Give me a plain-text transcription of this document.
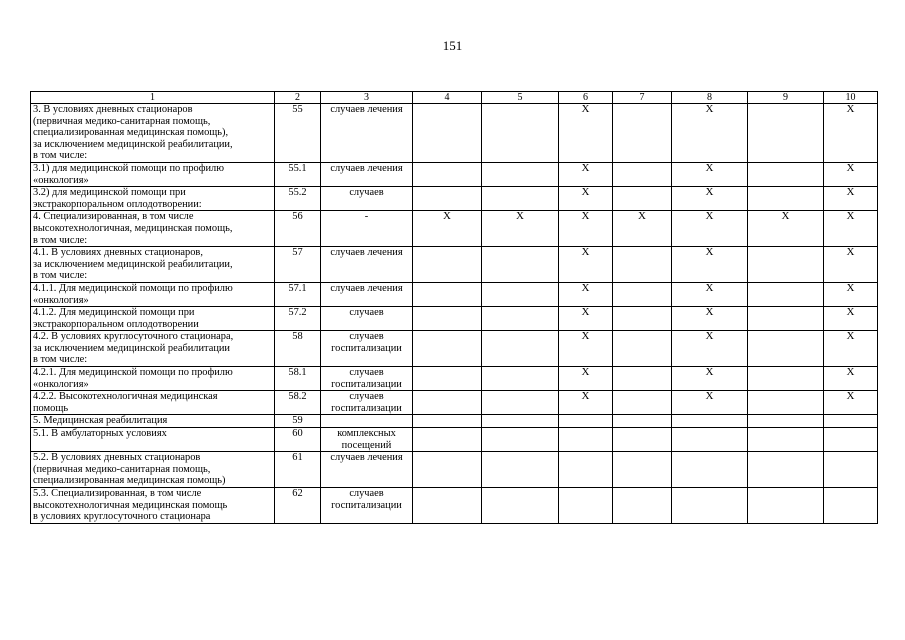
151
1	2	3	4	5	6	7	8	9	10
3. В условиях дневных стационаров
(первичная медико-санитарная помощь,
специализированная медицинская помощь),
за исключением медицинской реабилитации,
в том числе:	55	случаев лечения			X		X		X
3.1) для медицинской помощи по профилю
«онкология»	55.1	случаев лечения			X		X		X
3.2) для медицинской помощи при
экстракорпоральном оплодотворении:	55.2	случаев			X		X		X
4. Специализированная, в том числе
высокотехнологичная, медицинская помощь,
в том числе:	56	-	X	X	X	X	X	X	X
4.1. В условиях дневных стационаров,
за исключением медицинской реабилитации,
в том числе:	57	случаев лечения			X		X		X
4.1.1. Для медицинской помощи по профилю
«онкология»	57.1	случаев лечения			X		X		X
4.1.2. Для медицинской помощи при
экстракорпоральном оплодотворении	57.2	случаев			X		X		X
4.2. В условиях круглосуточного стационара,
за исключением медицинской реабилитации
в том числе:	58	случаев
госпитализации			X		X		X
4.2.1. Для медицинской помощи по профилю
«онкология»	58.1	случаев
госпитализации			X		X		X
4.2.2. Высокотехнологичная медицинская
помощь	58.2	случаев
госпитализации			X		X		X
5. Медицинская реабилитация	59								
5.1. В амбулаторных условиях	60	комплексных
посещений							
5.2. В условиях дневных стационаров
(первичная медико-санитарная помощь,
специализированная медицинская помощь)	61	случаев лечения							
5.3. Специализированная, в том числе
высокотехнологичная медицинская помощь
в условиях круглосуточного стационара	62	случаев
госпитализации							
